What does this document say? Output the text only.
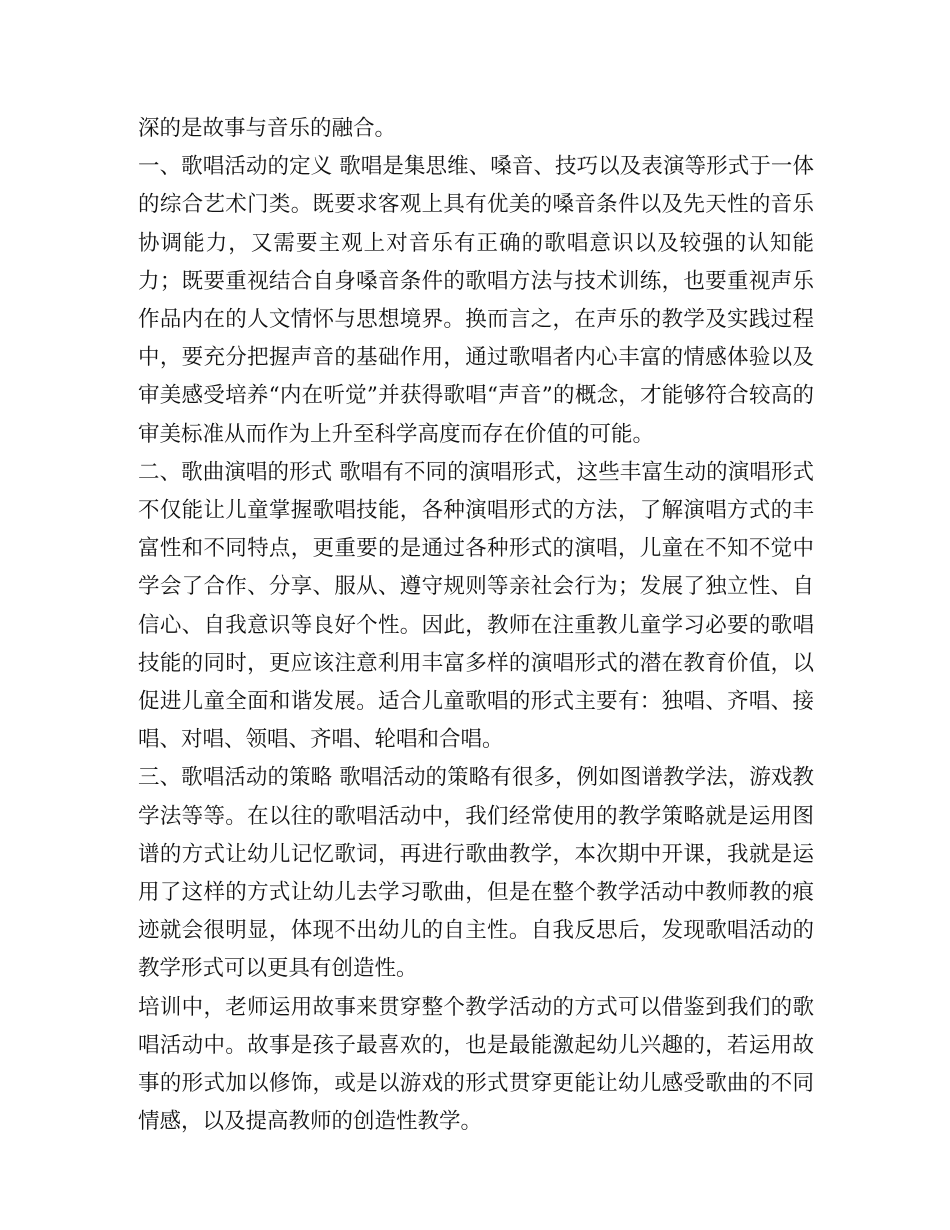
深的是故事与音乐的融合。

一、歌唱活动的定义 歌唱是集思维、嗓音、技巧以及表演等形式于一体的综合艺术门类。既要求客观上具有优美的嗓音条件以及先天性的音乐协调能力，又需要主观上对音乐有正确的歌唱意识以及较强的认知能力；既要重视结合自身嗓音条件的歌唱方法与技术训练，也要重视声乐作品内在的人文情怀与思想境界。换而言之，在声乐的教学及实践过程中，要充分把握声音的基础作用，通过歌唱者内心丰富的情感体验以及审美感受培养“内在听觉”并获得歌唱“声音”的概念，才能够符合较高的审美标准从而作为上升至科学高度而存在价值的可能。

二、歌曲演唱的形式 歌唱有不同的演唱形式，这些丰富生动的演唱形式不仅能让儿童掌握歌唱技能，各种演唱形式的方法，了解演唱方式的丰富性和不同特点，更重要的是通过各种形式的演唱，儿童在不知不觉中学会了合作、分享、服从、遵守规则等亲社会行为；发展了独立性、自信心、自我意识等良好个性。因此，教师在注重教儿童学习必要的歌唱技能的同时，更应该注意利用丰富多样的演唱形式的潜在教育价值，以促进儿童全面和谐发展。适合儿童歌唱的形式主要有：独唱、齐唱、接唱、对唱、领唱、齐唱、轮唱和合唱。

三、歌唱活动的策略 歌唱活动的策略有很多，例如图谱教学法，游戏教学法等等。在以往的歌唱活动中，我们经常使用的教学策略就是运用图谱的方式让幼儿记忆歌词，再进行歌曲教学，本次期中开课，我就是运用了这样的方式让幼儿去学习歌曲，但是在整个教学活动中教师教的痕迹就会很明显，体现不出幼儿的自主性。自我反思后，发现歌唱活动的教学形式可以更具有创造性。

培训中，老师运用故事来贯穿整个教学活动的方式可以借鉴到我们的歌唱活动中。故事是孩子最喜欢的，也是最能激起幼儿兴趣的，若运用故事的形式加以修饰，或是以游戏的形式贯穿更能让幼儿感受歌曲的不同情感，以及提高教师的创造性教学。
